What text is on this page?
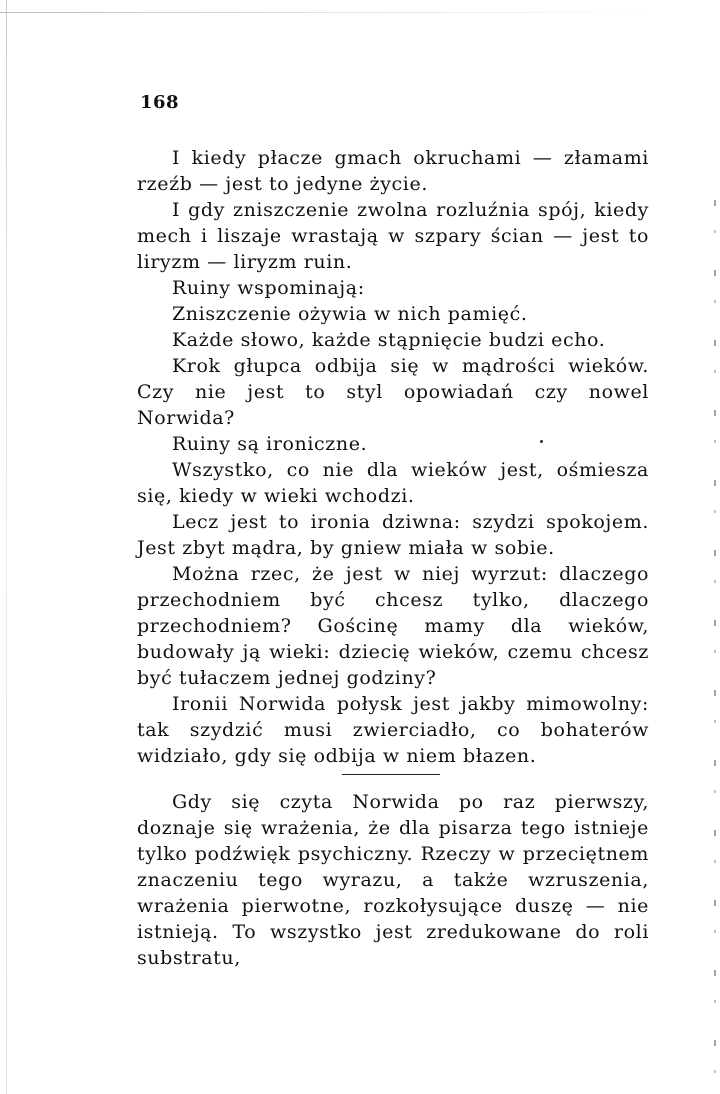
168

I kiedy płacze gmach okruchami — złamami rzeźb — jest to jedyne życie.

I gdy zniszczenie zwolna rozluźnia spój, kiedy mech i liszaje wrastają w szpary ścian — jest to liryzm — liryzm ruin.

Ruiny wspominają:

Zniszczenie ożywia w nich pamięć.

Każde słowo, każde stąpnięcie budzi echo.

Krok głupca odbija się w mądrości wieków. Czy nie jest to styl opowiadań czy nowel Norwida?

Ruiny są ironiczne.

Wszystko, co nie dla wieków jest, ośmiesza się, kiedy w wieki wchodzi.

Lecz jest to ironia dziwna: szydzi spokojem. Jest zbyt mądra, by gniew miała w sobie.

Można rzec, że jest w niej wyrzut: dlaczego przechodniem być chcesz tylko, dlaczego przechodniem? Gościnę mamy dla wieków, budowały ją wieki: dziecię wieków, czemu chcesz być tułaczem jednej godziny?

Ironii Norwida połysk jest jakby mimowolny: tak szydzić musi zwierciadło, co bohaterów widziało, gdy się odbija w niem błazen.

Gdy się czyta Norwida po raz pierwszy, doznaje się wrażenia, że dla pisarza tego istnieje tylko podźwięk psychiczny. Rzeczy w przeciętnem znaczeniu tego wyrazu, a także wzruszenia, wrażenia pierwotne, rozkołysujące duszę — nie istnieją. To wszystko jest zredukowane do roli substratu,
